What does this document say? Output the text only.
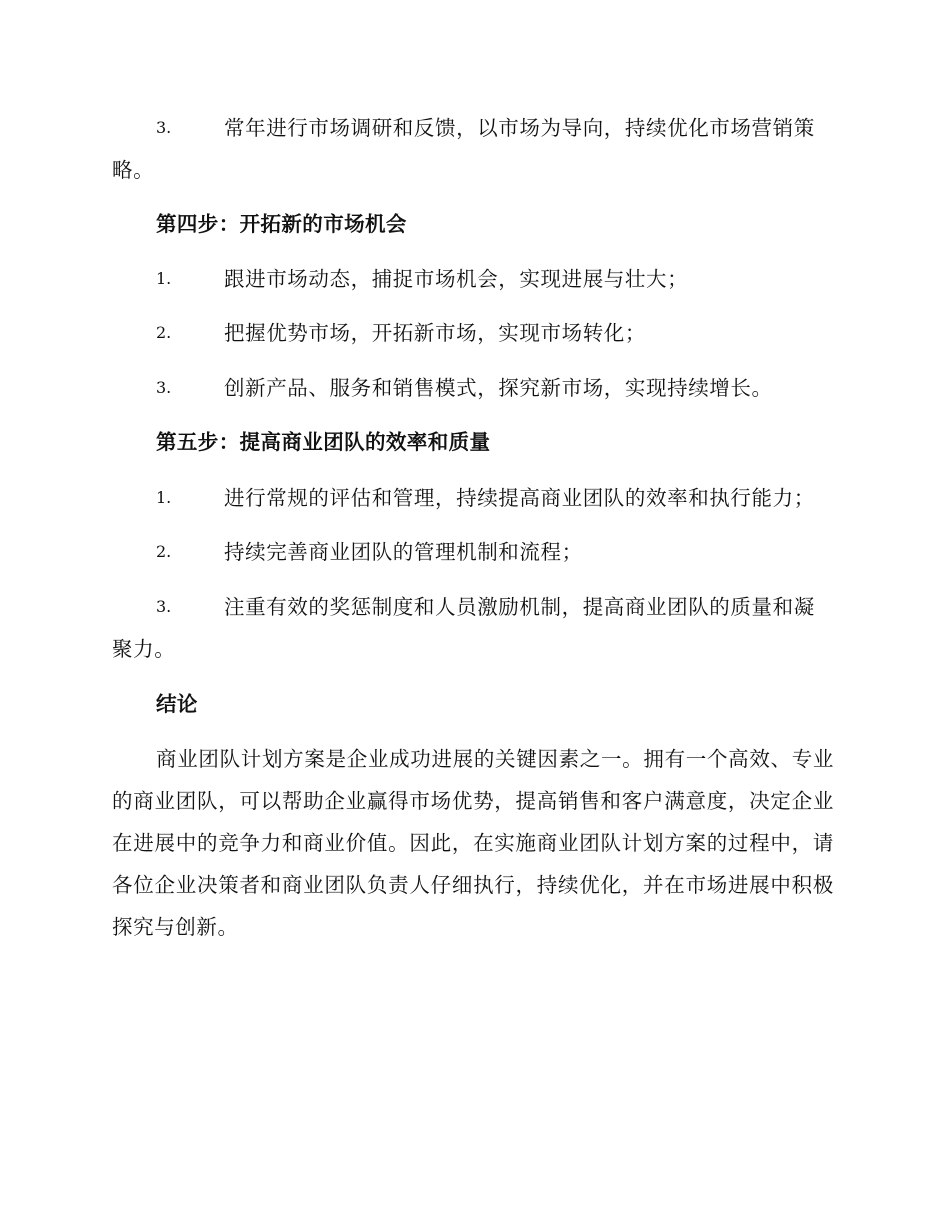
3.	常年进行市场调研和反馈，以市场为导向，持续优化市场营销策略。
第四步：开拓新的市场机会
1.	跟进市场动态，捕捉市场机会，实现进展与壮大；
2.	把握优势市场，开拓新市场，实现市场转化；
3.	创新产品、服务和销售模式，探究新市场，实现持续增长。
第五步：提高商业团队的效率和质量
1.	进行常规的评估和管理，持续提高商业团队的效率和执行能力；
2.	持续完善商业团队的管理机制和流程；
3.	注重有效的奖惩制度和人员激励机制，提高商业团队的质量和凝聚力。
结论
商业团队计划方案是企业成功进展的关键因素之一。拥有一个高效、专业的商业团队，可以帮助企业赢得市场优势，提高销售和客户满意度，决定企业在进展中的竞争力和商业价值。因此，在实施商业团队计划方案的过程中，请各位企业决策者和商业团队负责人仔细执行，持续优化，并在市场进展中积极探究与创新。
